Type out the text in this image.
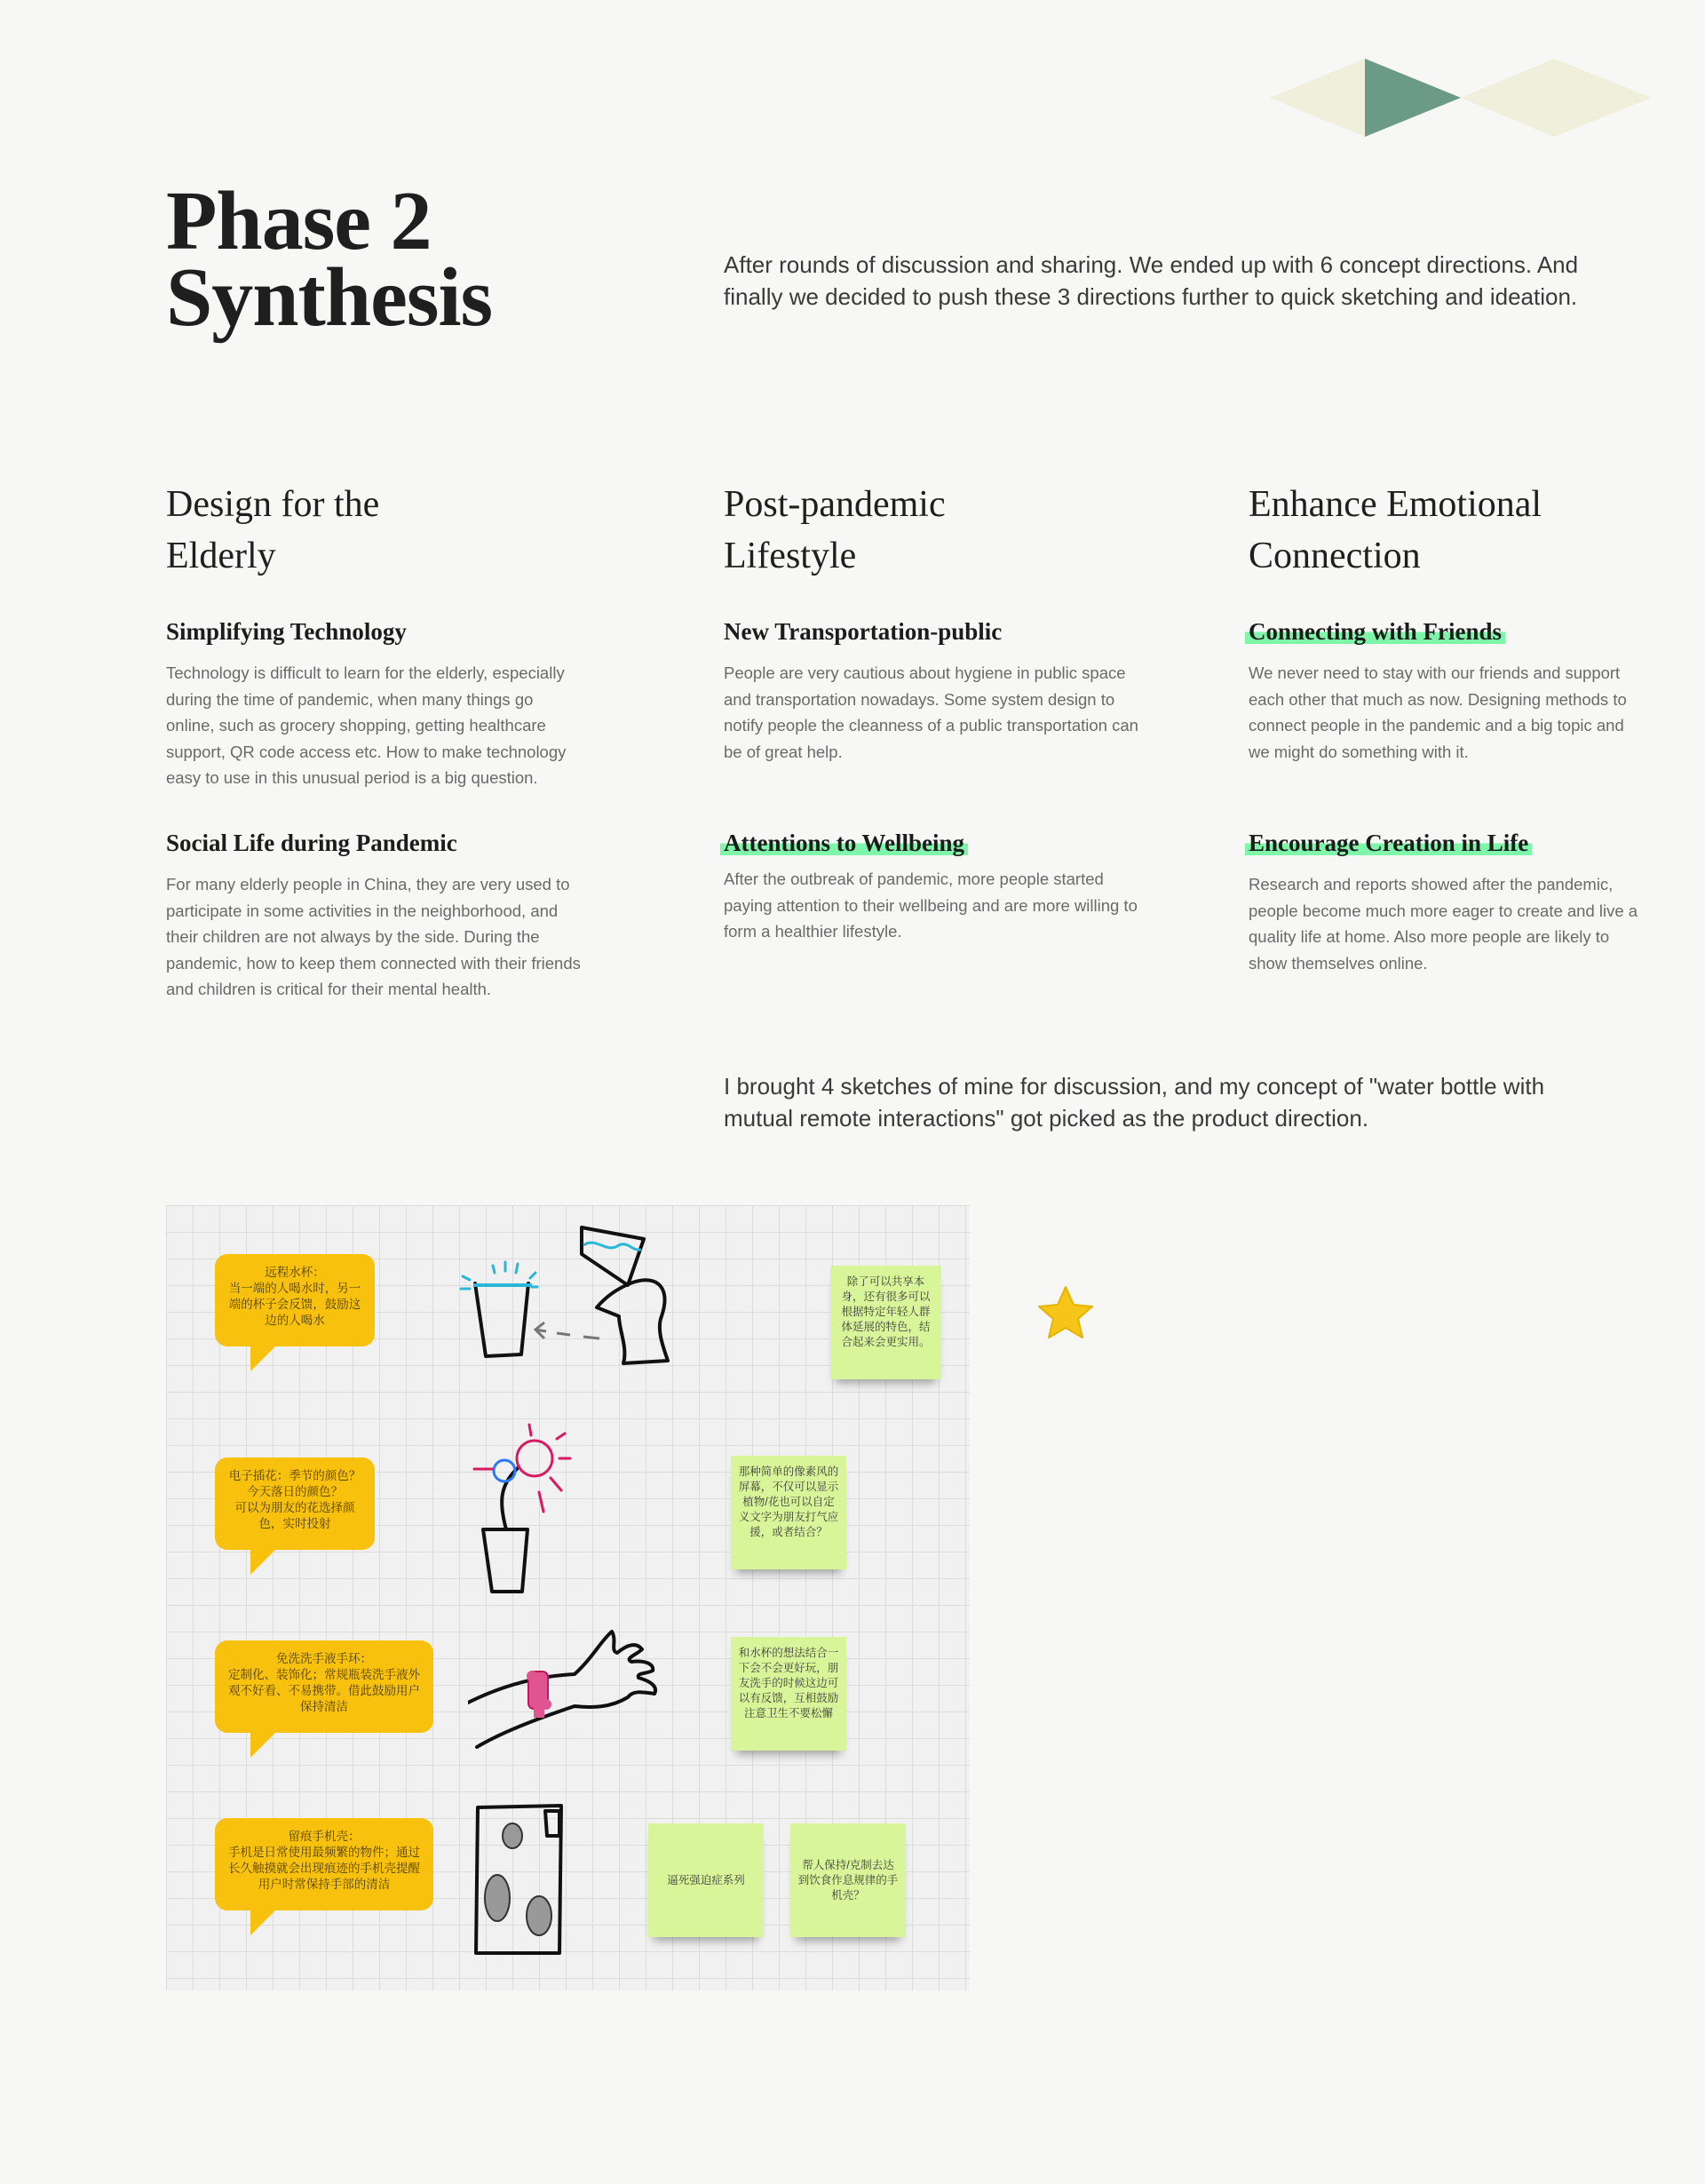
Phase 2
Synthesis	After rounds of discussion and sharing. We ended up with 6 concept directions. And finally we decided to push these 3 directions further to quick sketching and ideation.

Design for the
Elderly
Simplifying Technology

Technology is difficult to learn for the elderly, especially during the time of pandemic, when many things go online, such as grocery shopping, getting healthcare support, QR code access etc. How to make technology easy to use in this unusual period is a big question.

Social Life during Pandemic

For many elderly people in China, they are very used to participate in some activities in the neighborhood, and their children are not always by the side. During the pandemic, how to keep them connected with their friends and children is critical for their mental health.

Post-pandemic
Lifestyle
New Transportation-public

People are very cautious about hygiene in public space and transportation nowadays. Some system design to notify people the cleanness of a public transportation can be of great help.

Attentions to Wellbeing

After the outbreak of pandemic, more people started paying attention to their wellbeing and are more willing to form a healthier lifestyle.

Enhance Emotional
Connection
Connecting with Friends

We never need to stay with our friends and support each other that much as now. Designing methods to connect people in the pandemic and a big topic and we might do something with it.

Encourage Creation in Life

Research and reports showed after the pandemic, people become much more eager to create and live a quality life at home. Also more people are likely to show themselves online.

I brought 4 sketches of mine for discussion, and my concept of "water bottle with mutual remote interactions" got picked as the product direction.

远程水杯：
当一端的人喝水时，另一端的杯子会反馈，鼓励这边的人喝水
电子插花：季节的颜色？
今天落日的颜色？
可以为朋友的花选择颜色，实时投射
免洗洗手液手环：
定制化、装饰化；常规瓶装洗手液外观不好看、不易携带。借此鼓励用户保持清洁
留痕手机壳：
手机是日常使用最频繁的物件；通过长久触摸就会出现痕迹的手机壳提醒用户时常保持手部的清洁
除了可以共享本身，还有很多可以根据特定年轻人群体延展的特色，结合起来会更实用。
那种简单的像素风的屏幕，不仅可以显示植物/花也可以自定义文字为朋友打气应援，或者结合？
和水杯的想法结合一下会不会更好玩，朋友洗手的时候这边可以有反馈，互相鼓励注意卫生不要松懈
逼死强迫症系列
帮人保持/克制去达到饮食作息规律的手机壳？
